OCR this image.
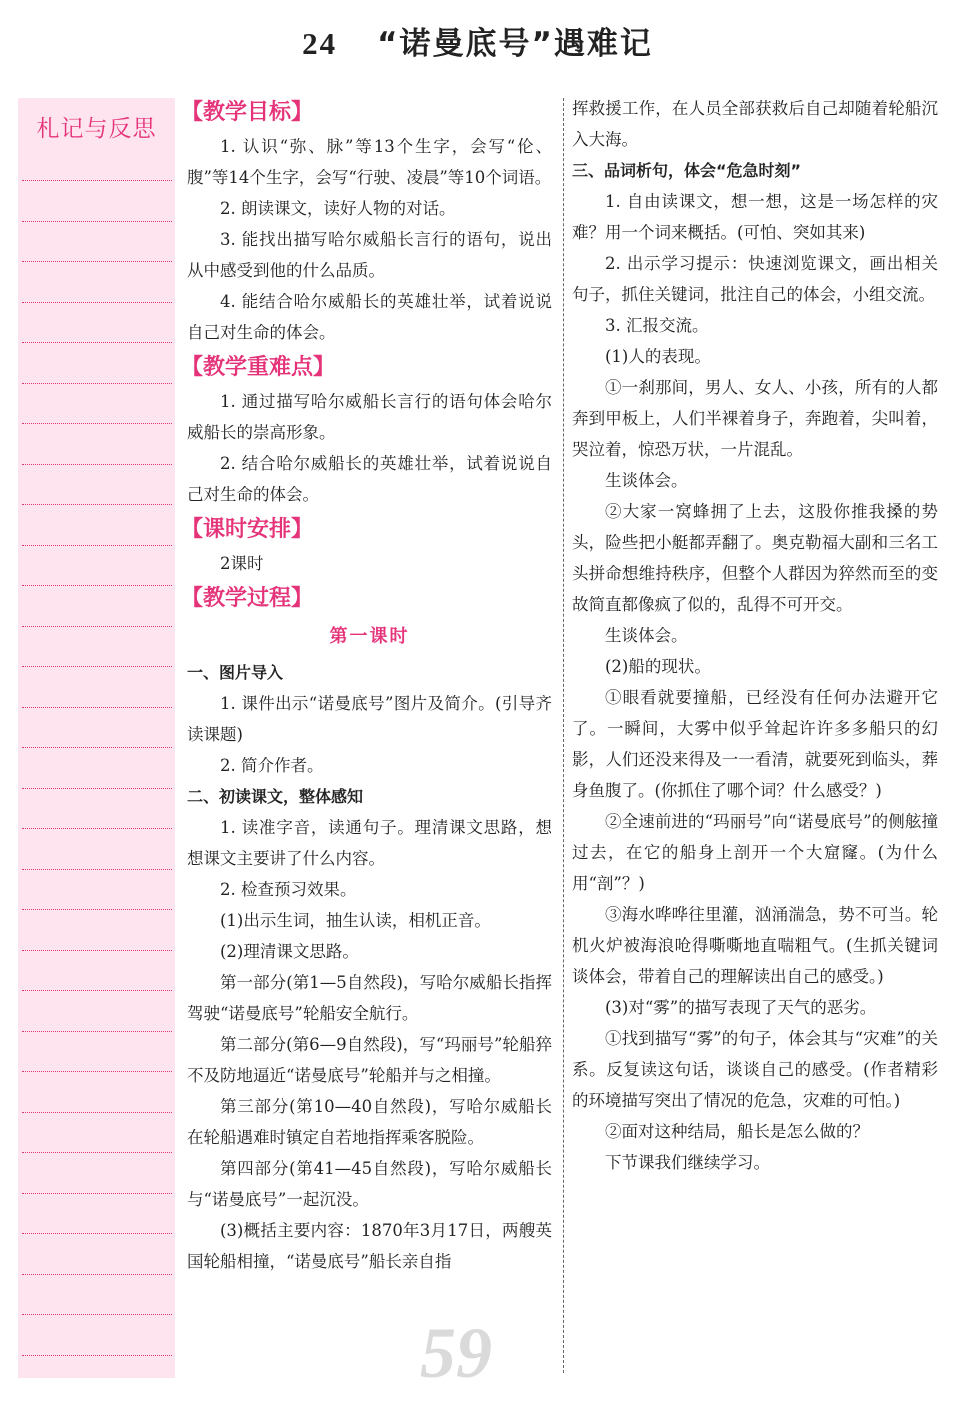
24 “诺曼底号”遇难记
札记与反思

【教学目标】

1. 认识“弥、脉”等13个生字，会写“伦、腹”等14个生字，会写“行驶、凌晨”等10个词语。

2. 朗读课文，读好人物的对话。

3. 能找出描写哈尔威船长言行的语句，说出从中感受到他的什么品质。

4. 能结合哈尔威船长的英雄壮举，试着说说自己对生命的体会。

【教学重难点】

1. 通过描写哈尔威船长言行的语句体会哈尔威船长的崇高形象。

2. 结合哈尔威船长的英雄壮举，试着说说自己对生命的体会。

【课时安排】

2课时

【教学过程】

第一课时

一、图片导入

1. 课件出示“诺曼底号”图片及简介。(引导齐读课题)

2. 简介作者。

二、初读课文，整体感知

1. 读准字音，读通句子。理清课文思路，想想课文主要讲了什么内容。

2. 检查预习效果。

(1)出示生词，抽生认读，相机正音。

(2)理清课文思路。

第一部分(第1—5自然段)，写哈尔威船长指挥驾驶“诺曼底号”轮船安全航行。

第二部分(第6—9自然段)，写“玛丽号”轮船猝不及防地逼近“诺曼底号”轮船并与之相撞。

第三部分(第10—40自然段)，写哈尔威船长在轮船遇难时镇定自若地指挥乘客脱险。

第四部分(第41—45自然段)，写哈尔威船长与“诺曼底号”一起沉没。

(3)概括主要内容：1870年3月17日，两艘英国轮船相撞，“诺曼底号”船长亲自指

挥救援工作，在人员全部获救后自己却随着轮船沉入大海。

三、品词析句，体会“危急时刻”

1. 自由读课文，想一想，这是一场怎样的灾难？用一个词来概括。(可怕、突如其来)

2. 出示学习提示：快速浏览课文，画出相关句子，抓住关键词，批注自己的体会，小组交流。

3. 汇报交流。

(1)人的表现。

①一刹那间，男人、女人、小孩，所有的人都奔到甲板上，人们半裸着身子，奔跑着，尖叫着，哭泣着，惊恐万状，一片混乱。

生谈体会。

②大家一窝蜂拥了上去，这股你推我搡的势头，险些把小艇都弄翻了。奥克勒福大副和三名工头拼命想维持秩序，但整个人群因为猝然而至的变故简直都像疯了似的，乱得不可开交。

生谈体会。

(2)船的现状。

①眼看就要撞船，已经没有任何办法避开它了。一瞬间，大雾中似乎耸起许许多多船只的幻影，人们还没来得及一一看清，就要死到临头，葬身鱼腹了。(你抓住了哪个词？什么感受？)

②全速前进的“玛丽号”向“诺曼底号”的侧舷撞过去，在它的船身上剖开一个大窟窿。(为什么用“剖”？)

③海水哗哗往里灌，汹涌湍急，势不可当。轮机火炉被海浪呛得嘶嘶地直喘粗气。(生抓关键词谈体会，带着自己的理解读出自己的感受。)

(3)对“雾”的描写表现了天气的恶劣。

①找到描写“雾”的句子，体会其与“灾难”的关系。反复读这句话，谈谈自己的感受。(作者精彩的环境描写突出了情况的危急，灾难的可怕。)

②面对这种结局，船长是怎么做的？

下节课我们继续学习。

59
